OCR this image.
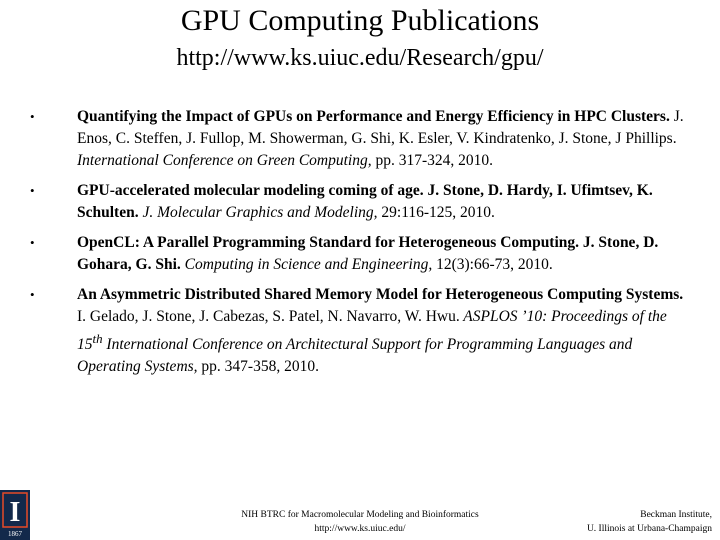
GPU Computing Publications
http://www.ks.uiuc.edu/Research/gpu/
•	Quantifying the Impact of GPUs on Performance and Energy Efficiency in HPC Clusters. J. Enos, C. Steffen, J. Fullop, M. Showerman, G. Shi, K. Esler, V. Kindratenko, J. Stone, J Phillips. International Conference on Green Computing, pp. 317-324, 2010.
•	GPU-accelerated molecular modeling coming of age. J. Stone, D. Hardy, I. Ufimtsev, K. Schulten. J. Molecular Graphics and Modeling, 29:116-125, 2010.
•	OpenCL: A Parallel Programming Standard for Heterogeneous Computing. J. Stone, D. Gohara, G. Shi. Computing in Science and Engineering, 12(3):66-73, 2010.
•	An Asymmetric Distributed Shared Memory Model for Heterogeneous Computing Systems. I. Gelado, J. Stone, J. Cabezas, S. Patel, N. Navarro, W. Hwu. ASPLOS ’10: Proceedings of the 15th International Conference on Architectural Support for Programming Languages and Operating Systems, pp. 347-358, 2010.
I
1867
NIH BTRC for Macromolecular Modeling and Bioinformatics
http://www.ks.uiuc.edu/
Beckman Institute,
U. Illinois at Urbana-Champaign
